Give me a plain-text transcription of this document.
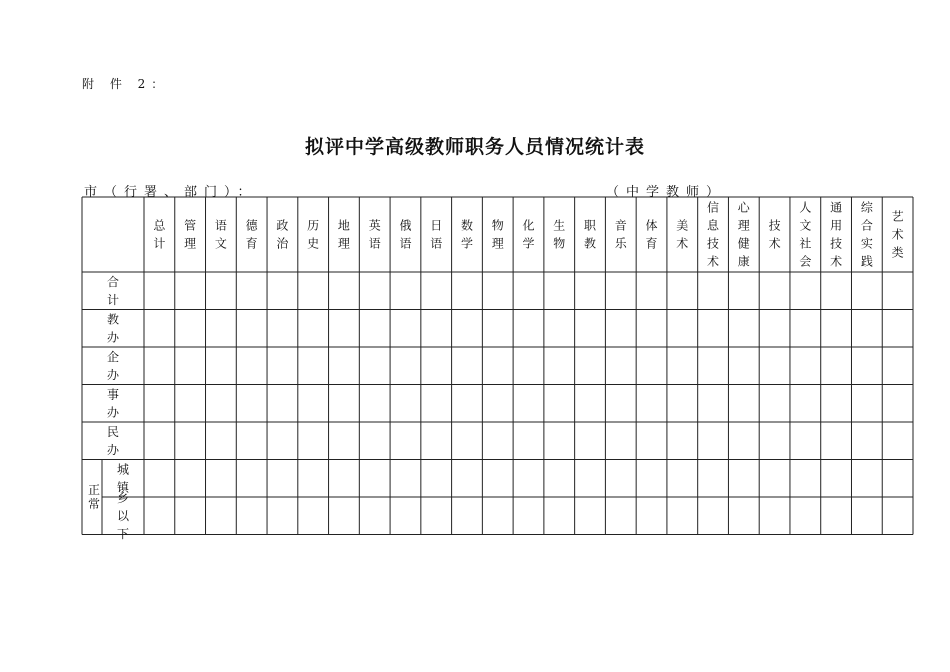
附 件 2：
拟评中学高级教师职务人员情况统计表
市（行署、部门）：	（中学教师）
总
计
管
理
语
文
德
育
政
治
历
史
地
理
英
语
俄
语
日
语
数
学
物
理
化
学
生
物
职
教
音
乐
体
育
美
术
信
息
技
术
心
理
健
康
技
术
人
文
社
会
通
用
技
术
综
合
实
践
艺
术
类
合
计
教
办
企
办
事
办
民
办
正
常
城
镇
乡
以
下
